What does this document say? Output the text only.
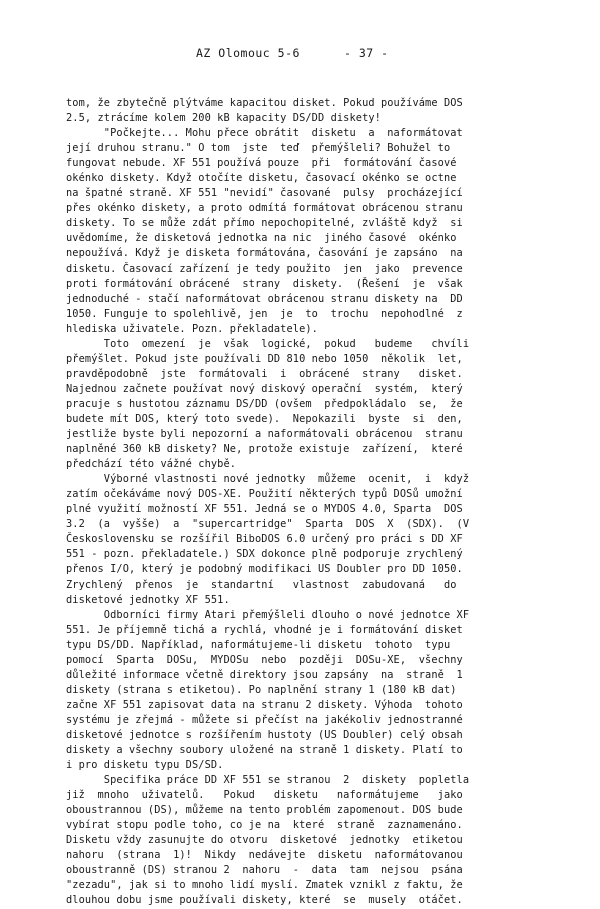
AZ Olomouc 5-6	- 37 -
tom, že zbytečně plýtváme kapacitou disket. Pokud používáme DOS
2.5, ztrácíme kolem 200 kB kapacity DS/DD diskety!
"Počkejte... Mohu přece obrátit  disketu  a  naformátovat
její druhou stranu." O tom  jste  teď  přemýšleli? Bohužel to
fungovat nebude. XF 551 používá pouze  při  formátování časové
okénko diskety. Když otočíte disketu, časovací okénko se octne
na špatné straně. XF 551 "nevidí" časované  pulsy  procházející
přes okénko diskety, a proto odmítá formátovat obrácenou stranu
diskety. To se může zdát přímo nepochopitelné, zvláště když  si
uvědomíme, že disketová jednotka na nic  jiného časové  okénko
nepoužívá. Když je disketa formátována, časování je zapsáno  na
disketu. Časovací zařízení je tedy použito  jen  jako  prevence
proti formátování obrácené  strany  diskety.  (Řešení  je  však
jednoduché - stačí naformátovat obrácenou stranu diskety na  DD
1050. Funguje to spolehlivě, jen  je  to  trochu  nepohodlné  z
hlediska uživatele. Pozn. překladatele).
Toto  omezení  je  však  logické,  pokud   budeme   chvíli
přemýšlet. Pokud jste používali DD 810 nebo 1050  několik  let,
pravděpodobně  jste  formátovali  i  obrácené  strany   disket.
Najednou začnete používat nový diskový operační  systém,  který
pracuje s hustotou záznamu DS/DD (ovšem  předpokládalo  se,  že
budete mít DOS, který toto svede).  Nepokazili  byste  si  den,
jestliže byste byli nepozorní a naformátovali obrácenou  stranu
naplněné 360 kB diskety? Ne, protože existuje  zařízení,  které
předchází této vážné chybě.
Výborné vlastnosti nové jednotky  můžeme  ocenit,  i  když
zatím očekáváme nový DOS-XE. Použití některých typů DOSů umožní
plné využití možností XF 551. Jedná se o MYDOS 4.0, Sparta  DOS
3.2  (a  vyšše)  a  "supercartridge"  Sparta  DOS  X  (SDX).  (V
Československu se rozšířil BiboDOS 6.0 určený pro práci s DD XF
551 - pozn. překladatele.) SDX dokonce plně podporuje zrychlený
přenos I/O, který je podobný modifikaci US Doubler pro DD 1050.
Zrychlený  přenos  je  standartní   vlastnost  zabudovaná   do
disketové jednotky XF 551.
Odborníci firmy Atari přemýšleli dlouho o nové jednotce XF
551. Je příjemně tichá a rychlá, vhodné je i formátování disket
typu DS/DD. Například, naformátujeme-li disketu  tohoto  typu
pomocí  Sparta  DOSu,  MYDOSu  nebo  později  DOSu-XE,  všechny
důležité informace včetně direktory jsou zapsány  na  straně  1
diskety (strana s etiketou). Po naplnění strany 1 (180 kB dat)
začne XF 551 zapisovat data na stranu 2 diskety. Výhoda  tohoto
systému je zřejmá - můžete si přečíst na jakékoliv jednostranné
disketové jednotce s rozšířením hustoty (US Doubler) celý obsah
diskety a všechny soubory uložené na straně 1 diskety. Platí to
i pro disketu typu DS/SD.
Specifika práce DD XF 551 se stranou  2  diskety  popletla
již  mnoho  uživatelů.   Pokud   disketu   naformátujeme   jako
oboustrannou (DS), můžeme na tento problém zapomenout. DOS bude
vybírat stopu podle toho, co je na  které  straně  zaznamenáno.
Disketu vždy zasunujte do otvoru  disketové  jednotky  etiketou
nahoru  (strana  1)!  Nikdy  nedávejte  disketu  naformátovanou
oboustranně (DS) stranou 2  nahoru  -  data  tam  nejsou  psána
"zezadu", jak si to mnoho lidí myslí. Zmatek vznikl z faktu, že
dlouhou dobu jsme používali diskety, které  se  musely  otáčet.
